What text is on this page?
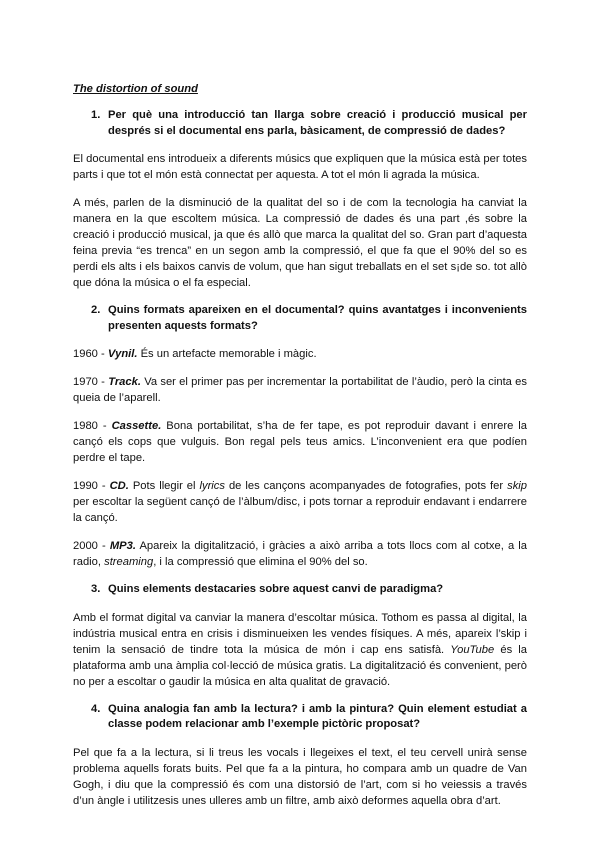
The distortion of sound
1. Per què una introducció tan llarga sobre creació i producció musical per després si el documental ens parla, bàsicament, de compressió de dades?

El documental ens introdueix a diferents músics que expliquen que la música està per totes parts i que tot el món està connectat per aquesta. A tot el món li agrada la música.

A més, parlen de la disminució de la qualitat del so i de com la tecnologia ha canviat la manera en la que escoltem música. La compressió de dades és una part ,és sobre la creació i producció musical, ja que és allò que marca la qualitat del so. Gran part d’aquesta feina previa “es trenca” en un segon amb la compressió, el que fa que el 90% del so es perdi els alts i els baixos canvis de volum, que han sigut treballats en el set s¡de so. tot allò que dóna la música o el fa especial.

2. Quins formats apareixen en el documental? quins avantatges i inconvenients presenten aquests formats?

1960 - Vynil. És un artefacte memorable i màgic.

1970 - Track. Va ser el primer pas per incrementar la portabilitat de l’àudio, però la cinta es queia de l’aparell.

1980 - Cassette. Bona portabilitat, s’ha de fer tape, es pot reproduir davant i enrere la cançó els cops que vulguis. Bon regal pels teus amics. L’inconvenient era que podíen perdre el tape.

1990 - CD. Pots llegir el lyrics de les cançons acompanyades de fotografies, pots fer skip per escoltar la següent cançó de l’àlbum/disc, i pots tornar a reproduir endavant i endarrere la cançó.

2000 - MP3. Apareix la digitalització, i gràcies a això arriba a tots llocs com al cotxe, a la radio, streaming, i la compressió que elimina el 90% del so.

3. Quins elements destacaries sobre aquest canvi de paradigma?

Amb el format digital va canviar la manera d’escoltar música. Tothom es passa al digital, la indústria musical entra en crisis i disminueixen les vendes físiques. A més, apareix l’skip i tenim la sensació de tindre tota la música de món i cap ens satisfà. YouTube és la plataforma amb una àmplia col·lecció de música gratis. La digitalització és convenient, però no per a escoltar o gaudir la música en alta qualitat de gravació.

4. Quina analogia fan amb la lectura? i amb la pintura? Quin element estudiat a classe podem relacionar amb l’exemple pictòric proposat?

Pel que fa a la lectura, si li treus les vocals i llegeixes el text, el teu cervell unirà sense problema aquells forats buits. Pel que fa a la pintura, ho compara amb un quadre de Van Gogh, i diu que la compressió és com una distorsió de l’art, com si ho veiessis a través d’un àngle i utilitzesis unes ulleres amb un filtre, amb això deformes aquella obra d’art.
